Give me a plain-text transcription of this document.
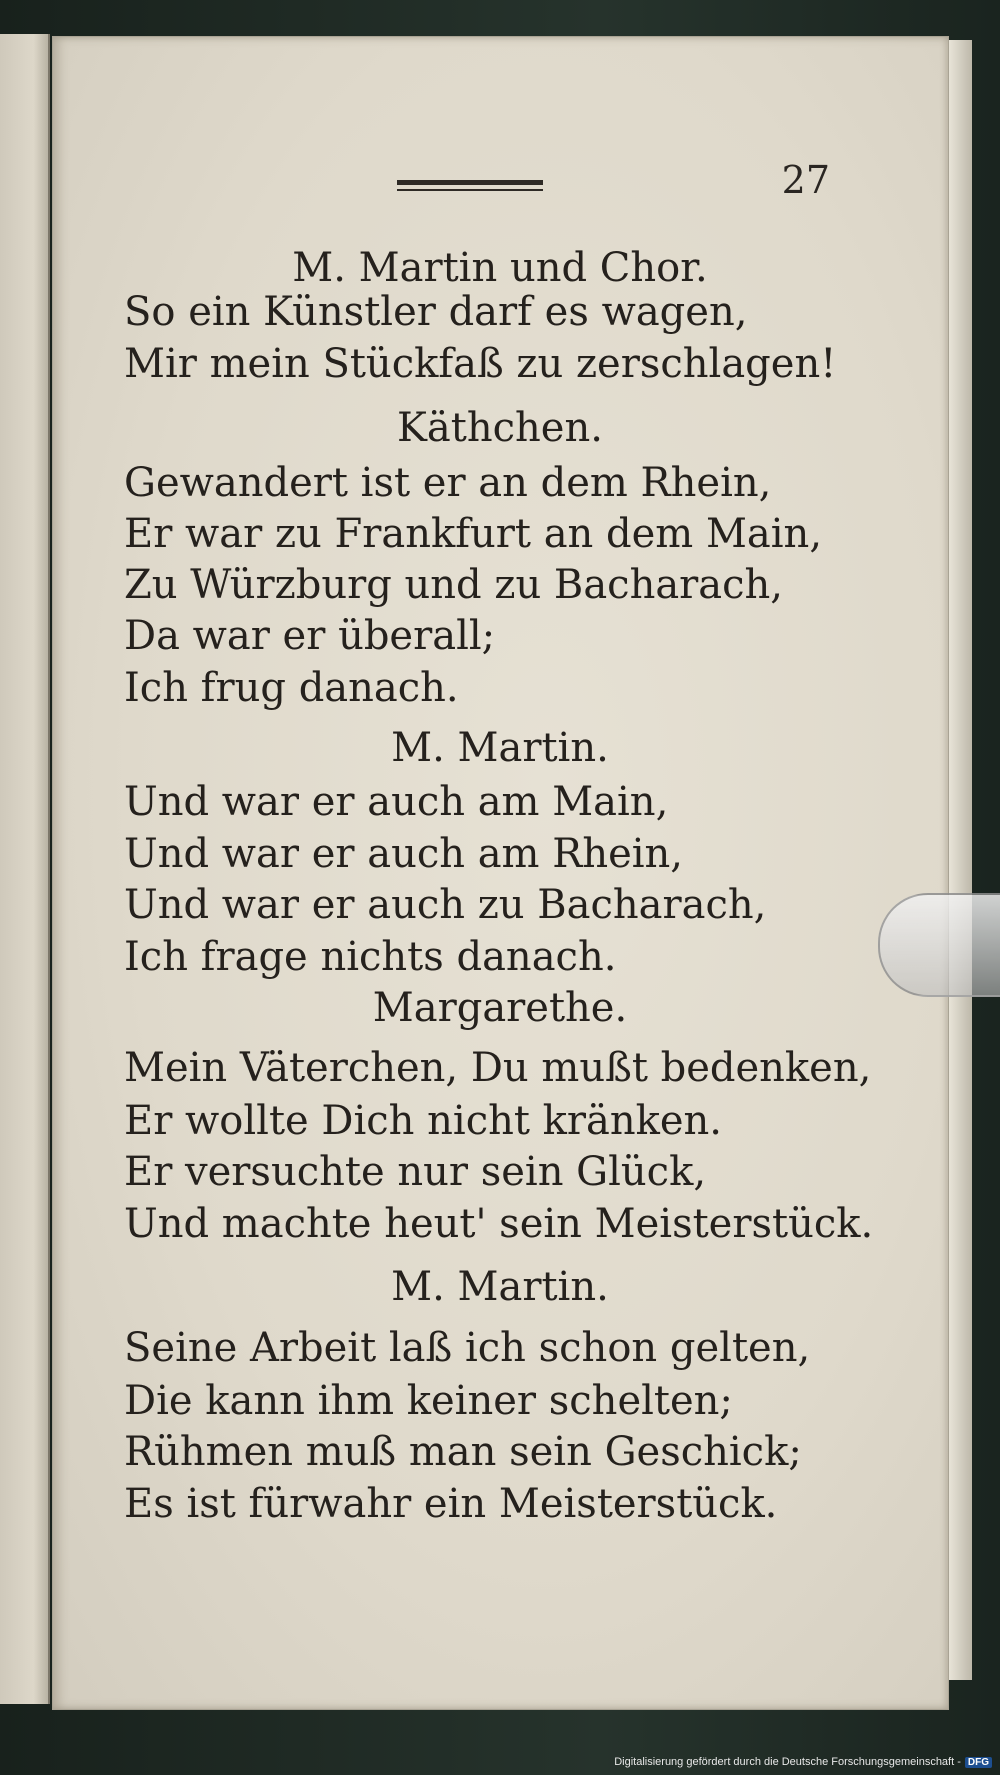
27
M. Martin und Chor.
So ein Künstler darf es wagen,
Mir mein Stückfaß zu zerschlagen!
Käthchen.
Gewandert ist er an dem Rhein,
Er war zu Frankfurt an dem Main,
Zu Würzburg und zu Bacharach,
Da war er überall;
Ich frug danach.
M. Martin.
Und war er auch am Main,
Und war er auch am Rhein,
Und war er auch zu Bacharach,
Ich frage nichts danach.
Margarethe.
Mein Väterchen, Du mußt bedenken,
Er wollte Dich nicht kränken.
Er versuchte nur sein Glück,
Und machte heut' sein Meisterstück.
M. Martin.
Seine Arbeit laß ich schon gelten,
Die kann ihm keiner schelten;
Rühmen muß man sein Geschick;
Es ist fürwahr ein Meisterstück.
Digitalisierung gefördert durch die Deutsche Forschungsgemeinschaft - DFG
